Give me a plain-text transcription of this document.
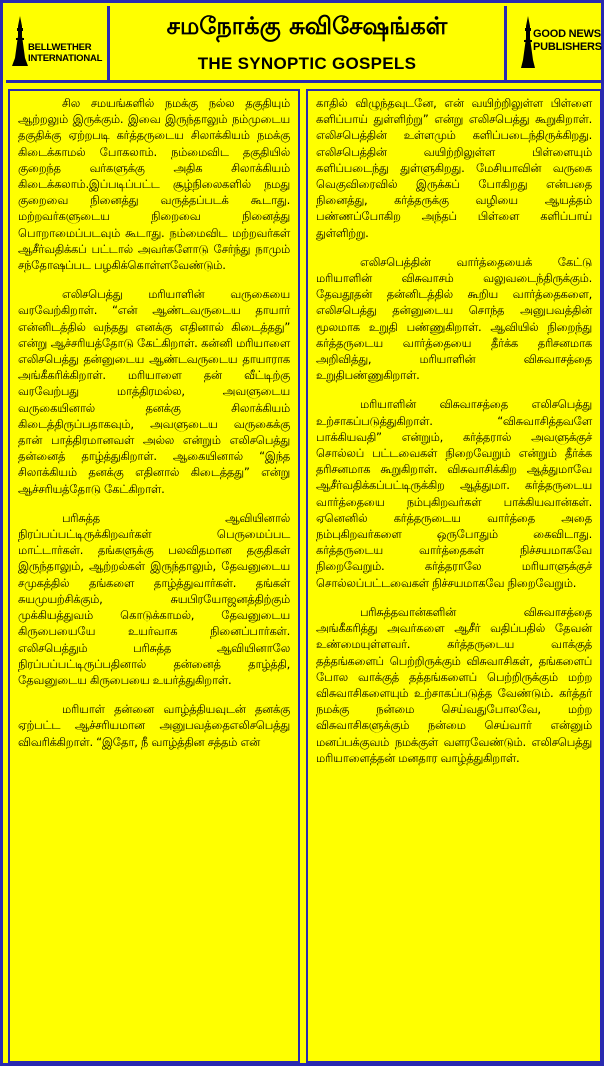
BELLWETHER
INTERNATIONAL
சமநோக்கு சுவிசேஷங்கள்
THE SYNOPTIC GOSPELS
GOOD NEWS
PUBLISHERS

சில சமயங்களில் நமக்கு நல்ல தகுதியும் ஆற்றலும் இருக்கும். இவை இருந்தாலும் நம்முடைய தகுதிக்கு ஏற்றபடி கர்த்தருடைய சிலாக்கியம் நமக்கு கிடைக்காமல் போகலாம். நம்மைவிட தகுதியில் குறைந்த வர்களுக்கு அதிக சிலாக்கியம் கிடைக்கலாம்.இப்படிப்பட்ட சூழ்நிலைகளில் நமது குறைவை நினைத்து வருத்தப்படக் கூடாது. மற்றவர்களுடைய நிறைவை நினைத்து பொறாமைப்படவும் கூடாது. நம்மைவிட மற்றவர்கள் ஆசீர்வதிக்கப் பட்டால் அவர்களோடு சேர்ந்து நாமும் சந்தோஷப்பட பழகிக்கொள்ளவேண்டும்.

எலிசபெத்து மரியாளின் வருகையை வரவேற்கிறாள். “என் ஆண்டவருடைய தாயார் என்னிடத்தில் வந்தது எனக்கு எதினால் கிடைத்தது” என்று ஆச்சரியத்தோடு கேட்கிறாள். கன்னி மரியாளை எலிசபெத்து தன்னுடைய ஆண்டவருடைய தாயாராக அங்கீகரிக்கிறாள். மரியாளை தன் வீட்டிற்கு வரவேற்பது மாத்திரமல்ல, அவளுடைய வருகையினால் தனக்கு சிலாக்கியம் கிடைத்திருப்பதாகவும், அவளுடைய வருகைக்கு தான் பாத்திரமானவள் அல்ல என்றும் எலிசபெத்து தன்னைத் தாழ்த்துகிறாள். ஆகையினால் “இந்த சிலாக்கியம் தனக்கு எதினால் கிடைத்தது” என்று ஆச்சரியத்தோடு கேட்கிறாள்.

பரிசுத்த ஆவியினால் நிரப்பப்பட்டிருக்கிறவர்கள் பெருமைப்பட மாட்டார்கள். தங்களுக்கு பலவிதமான தகுதிகள் இருந்தாலும், ஆற்றல்கள் இருந்தாலும், தேவனுடைய சமுகத்தில் தங்களை தாழ்த்துவார்கள். தங்கள் சுயமுயற்சிக்கும், சுயபிரயோஜனத்திற்கும் முக்கியத்துவம் கொடுக்காமல், தேவனுடைய கிருபையையே உயர்வாக நினைப்பார்கள். எலிசபெத்தும் பரிசுத்த ஆவியினாலே நிரப்பப்பட்டிருப்பதினால் தன்னைத் தாழ்த்தி, தேவனுடைய கிருபையை உயர்த்துகிறாள்.

மரியாள் தன்னை வாழ்த்தியவுடன் தனக்கு ஏற்பட்ட ஆச்சரியமான அனுபவத்தைஎலிசபெத்து விவரிக்கிறாள். “இதோ, நீ வாழ்த்தின சத்தம் என்

காதில் விழுந்தவுடனே, என் வயிற்றிலுள்ள பிள்ளை களிப்பாய் துள்ளிற்று” என்று எலிசபெத்து கூறுகிறாள். எலிசபெத்தின் உள்ளமும் களிப்படைந்திருக்கிறது. எலிசபெத்தின் வயிற்றிலுள்ள பிள்ளையும் களிப்படைந்து துள்ளுகிறது. மேசியாவின் வருகை வெகுவிரைவில் இருக்கப் போகிறது என்பதை நினைத்து, கர்த்தருக்கு வழியை ஆயத்தம் பண்ணப்போகிற அந்தப் பிள்ளை களிப்பாய் துள்ளிற்று.

எலிசபெத்தின் வார்த்தையைக் கேட்டு மரியாளின் விசுவாசம் வலுவடைந்திருக்கும். தேவதூதன் தன்னிடத்தில் கூறிய வார்த்தைகளை, எலிசபெத்து தன்னுடைய சொந்த அனுபவத்தின் மூலமாக உறுதி பண்ணுகிறாள். ஆவியில் நிறைந்து கர்த்தருடைய வார்த்தையை தீர்க்க தரிசனமாக அறிவித்து, மரியாளின் விசுவாசத்தை உறுதிபண்ணுகிறாள்.

மரியாளின் விசுவாசத்தை எலிசபெத்து உற்சாகப்படுத்துகிறாள். “விசுவாசித்தவளே பாக்கியவதி” என்றும், கர்த்தரால் அவளுக்குச் சொல்லப் பட்டவைகள் நிறைவேறும் என்றும் தீர்க்க தரிசனமாக கூறுகிறாள். விசுவாசிக்கிற ஆத்துமாவே ஆசீர்வதிக்கப்பட்டிருக்கிற ஆத்துமா. கர்த்தருடைய வார்த்தையை நம்புகிறவர்கள் பாக்கியவான்கள். ஏனெனில் கர்த்தருடைய வார்த்தை அதை நம்புகிறவர்களை ஒருபோதும் கைவிடாது. கர்த்தருடைய வார்த்தைகள் நிச்சயமாகவே நிறைவேறும். கர்த்தராலே மரியாளுக்குச் சொல்லப்பட்டவைகள் நிச்சயமாகவே நிறைவேறும்.

பரிசுத்தவான்களின் விசுவாசத்தை அங்கீகரித்து அவர்களை ஆசீர் வதிப்பதில் தேவன் உண்மையுள்ளவர். கர்த்தருடைய வாக்குத் தத்தங்களைப் பெற்றிருக்கும் விசுவாசிகள், தங்களைப் போல வாக்குத் தத்தங்களைப் பெற்றிருக்கும் மற்ற விசுவாசிகளையும் உற்சாகப்படுத்த வேண்டும். கர்த்தர் நமக்கு நன்மை செய்வதுபோலவே, மற்ற விசுவாசிகளுக்கும் நன்மை செய்வார் என்னும் மனப்பக்குவம் நமக்குள் வளரவேண்டும். எலிசபெத்து மரியாளைத்தன் மனதார வாழ்த்துகிறாள்.
